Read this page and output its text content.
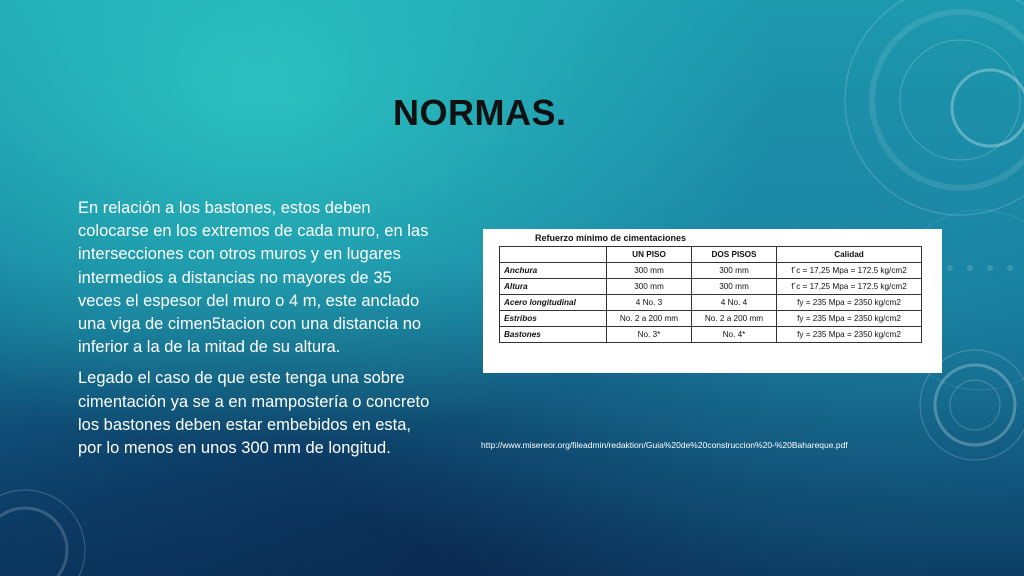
NORMAS.

En relación a los bastones, estos deben colocarse en los extremos de cada muro, en las intersecciones con otros muros y en lugares intermedios a distancias no mayores de 35 veces el espesor del muro o 4 m, este anclado una viga de cimen5tacion con una distancia no inferior a la de la mitad de su altura.

Legado el caso de que este tenga una sobre cimentación ya se a en mampostería o concreto los bastones deben estar embebidos en esta, por lo menos en unos 300 mm de longitud.

Refuerzo mínimo de cimentaciones
	UN PISO	DOS PISOS	Calidad
Anchura	300 mm	300 mm	f´c = 17,25 Mpa = 172.5 kg/cm2
Altura	300 mm	300 mm	f´c = 17,25 Mpa = 172.5 kg/cm2
Acero longitudinal	4 No. 3	4 No. 4	fy = 235 Mpa = 2350 kg/cm2
Estribos	No. 2 a 200 mm	No. 2 a 200 mm	fy = 235 Mpa = 2350 kg/cm2
Bastones	No. 3*	No. 4*	fy = 235 Mpa = 2350 kg/cm2
http://www.misereor.org/fileadmin/redaktion/Guia%20de%20construccion%20-%20Bahareque.pdf
